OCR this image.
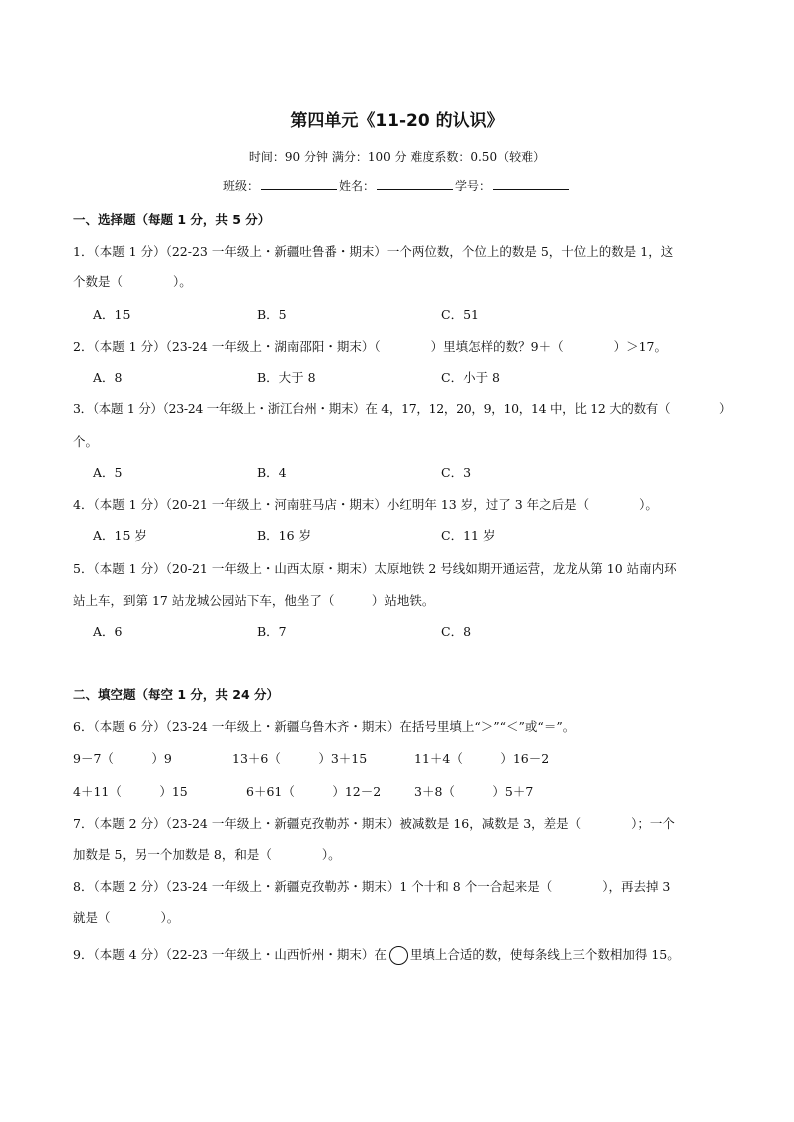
第四单元《11-20 的认识》
时间：90 分钟 满分：100 分 难度系数：0.50（较难）
班级：	姓名：	学号：
一、选择题（每题 1 分，共 5 分）
1．（本题 1 分）（22-23 一年级上・新疆吐鲁番・期末）一个两位数，个位上的数是 5，十位上的数是 1，这
个数是（　　　　）。
A．15	B．5	C．51
2．（本题 1 分）（23-24 一年级上・湖南邵阳・期末）（　　　　）里填怎样的数？9＋（　　　　）＞17。
A．8	B．大于 8	C．小于 8
3．（本题 1 分）（23-24 一年级上・浙江台州・期末）在 4，17，12，20，9，10，14 中，比 12 大的数有（　　　　）
个。
A．5	B．4	C．3
4．（本题 1 分）（20-21 一年级上・河南驻马店・期末）小红明年 13 岁，过了 3 年之后是（　　　　）。
A．15 岁	B．16 岁	C．11 岁
5．（本题 1 分）（20-21 一年级上・山西太原・期末）太原地铁 2 号线如期开通运营，龙龙从第 10 站南内环
站上车，到第 17 站龙城公园站下车，他坐了（　　　）站地铁。
A．6	B．7	C．8
二、填空题（每空 1 分，共 24 分）
6．（本题 6 分）（23-24 一年级上・新疆乌鲁木齐・期末）在括号里填上“＞”“＜”或“＝”。
9－7（　　　）9	13＋6（　　　）3＋15	11＋4（　　　）16－2
4＋11（　　　）15	6＋61（　　　）12－2	3＋8（　　　）5＋7
7．（本题 2 分）（23-24 一年级上・新疆克孜勒苏・期末）被减数是 16，减数是 3，差是（　　　　）；一个
加数是 5，另一个加数是 8，和是（　　　　）。
8．（本题 2 分）（23-24 一年级上・新疆克孜勒苏・期末）1 个十和 8 个一合起来是（　　　　），再去掉 3
就是（　　　　）。
9．（本题 4 分）（22-23 一年级上・山西忻州・期末）在 里填上合适的数，使每条线上三个数相加得 15。
